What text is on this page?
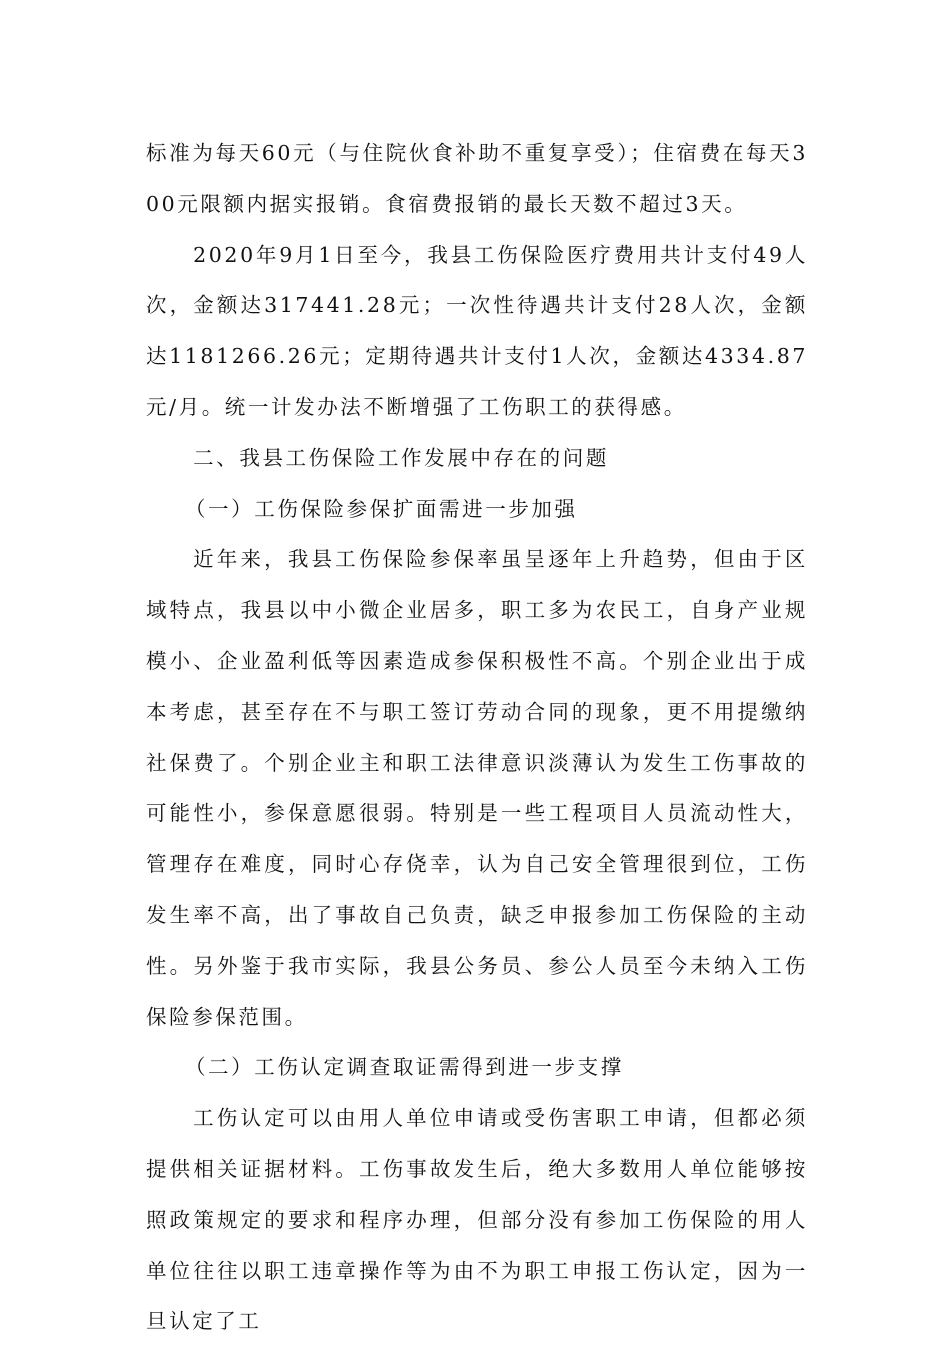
标准为每天60元（与住院伙食补助不重复享受）；住宿费在每天300元限额内据实报销。食宿费报销的最长天数不超过3天。

2020年9月1日至今，我县工伤保险医疗费用共计支付49人次，金额达317441.28元；一次性待遇共计支付28人次，金额达1181266.26元；定期待遇共计支付1人次，金额达4334.87元/月。统一计发办法不断增强了工伤职工的获得感。

二、我县工伤保险工作发展中存在的问题

（一）工伤保险参保扩面需进一步加强

近年来，我县工伤保险参保率虽呈逐年上升趋势，但由于区域特点，我县以中小微企业居多，职工多为农民工，自身产业规模小、企业盈利低等因素造成参保积极性不高。个别企业出于成本考虑，甚至存在不与职工签订劳动合同的现象，更不用提缴纳社保费了。个别企业主和职工法律意识淡薄认为发生工伤事故的可能性小，参保意愿很弱。特别是一些工程项目人员流动性大，管理存在难度，同时心存侥幸，认为自己安全管理很到位，工伤发生率不高，出了事故自己负责，缺乏申报参加工伤保险的主动性。另外鉴于我市实际，我县公务员、参公人员至今未纳入工伤保险参保范围。

（二）工伤认定调查取证需得到进一步支撑

工伤认定可以由用人单位申请或受伤害职工申请，但都必须提供相关证据材料。工伤事故发生后，绝大多数用人单位能够按照政策规定的要求和程序办理，但部分没有参加工伤保险的用人单位往往以职工违章操作等为由不为职工申报工伤认定，因为一旦认定了工
